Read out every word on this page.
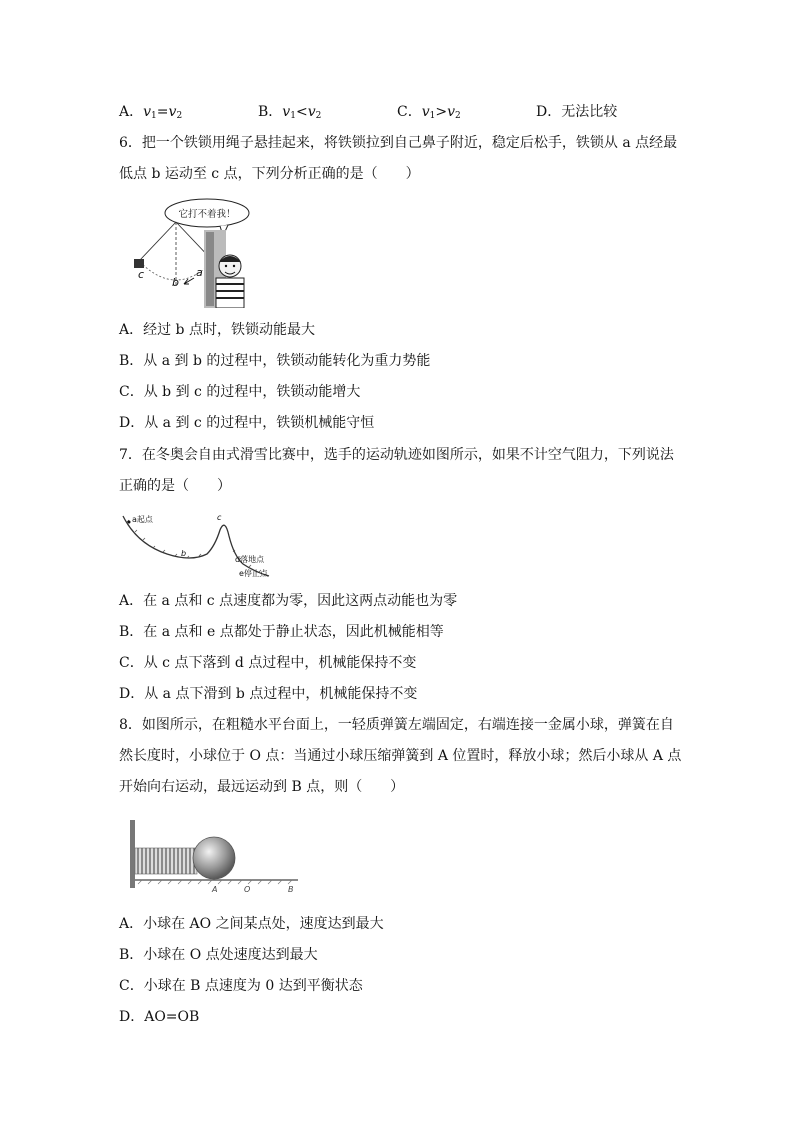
A．$v_1=v_2$	B．$v_1<v_2$	C．$v_1>v_2$	D．无法比较
6．把一个铁锁用绳子悬挂起来，将铁锁拉到自己鼻子附近，稳定后松手，铁锁从 a 点经最
低点 b 运动至 c 点，下列分析正确的是（　　）
它打不着我！
c
b
a
A．经过 b 点时，铁锁动能最大
B．从 a 到 b 的过程中，铁锁动能转化为重力势能
C．从 b 到 c 的过程中，铁锁动能增大
D．从 a 到 c 的过程中，铁锁机械能守恒
7．在冬奥会自由式滑雪比赛中，选手的运动轨迹如图所示，如果不计空气阻力，下列说法
正确的是（　　）
a起点
b
c
d落地点
e停止点
A．在 a 点和 c 点速度都为零，因此这两点动能也为零
B．在 a 点和 e 点都处于静止状态，因此机械能相等
C．从 c 点下落到 d 点过程中，机械能保持不变
D．从 a 点下滑到 b 点过程中，机械能保持不变
8．如图所示，在粗糙水平台面上，一轻质弹簧左端固定，右端连接一金属小球，弹簧在自
然长度时，小球位于 O 点：当通过小球压缩弹簧到 A 位置时，释放小球；然后小球从 A 点
开始向右运动，最远运动到 B 点，则（　　）
A	O	B
A．小球在 AO 之间某点处，速度达到最大
B．小球在 O 点处速度达到最大
C．小球在 B 点速度为 0 达到平衡状态
D．AO=OB
